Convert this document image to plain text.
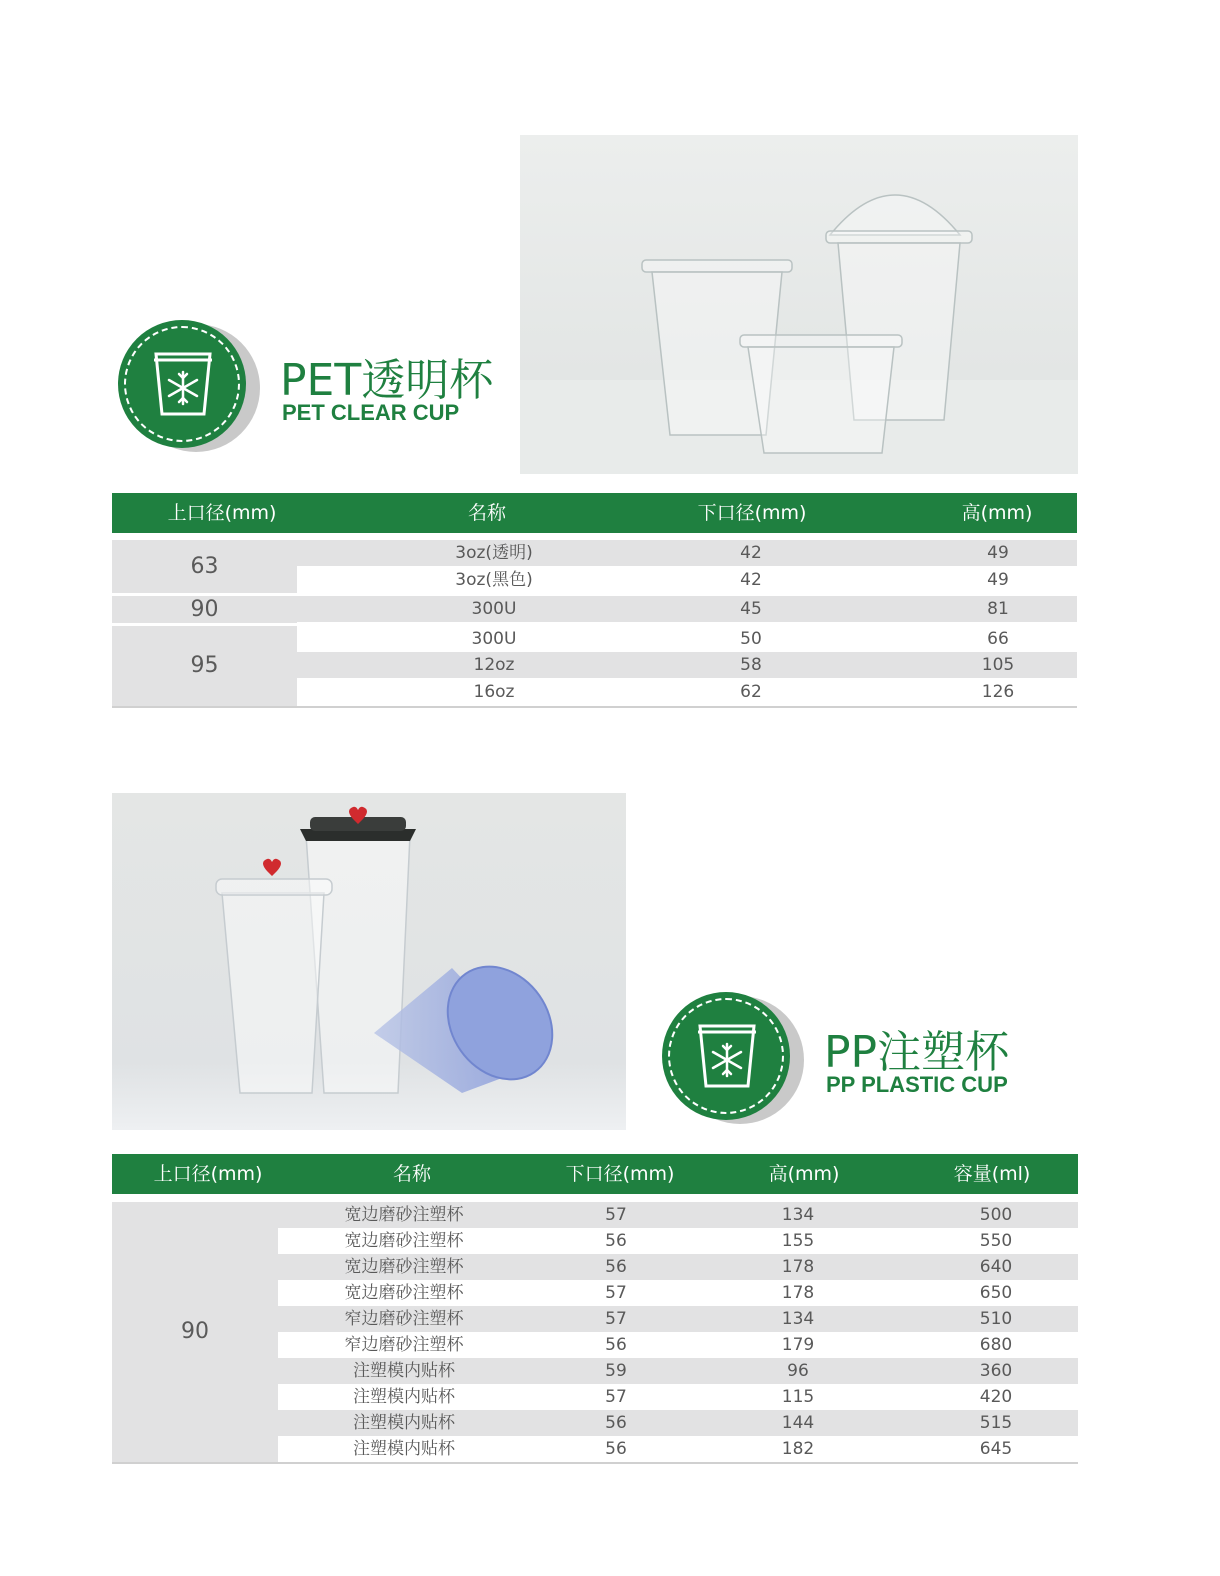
PET透明杯
PET CLEAR CUP
上口径(mm)	名称	下口径(mm)	高(mm)
63
3oz(透明)	42	49
3oz(黑色)	42	49
90	300U	45	81
95
300U	50	66
12oz	58	105
16oz	62	126
PP注塑杯
PP PLASTIC CUP
上口径(mm)	名称	下口径(mm)	高(mm)	容量(ml)
90
宽边磨砂注塑杯	57	134	500
宽边磨砂注塑杯	56	155	550
宽边磨砂注塑杯	56	178	640
宽边磨砂注塑杯	57	178	650
窄边磨砂注塑杯	57	134	510
窄边磨砂注塑杯	56	179	680
注塑模内贴杯	59	96	360
注塑模内贴杯	57	115	420
注塑模内贴杯	56	144	515
注塑模内贴杯	56	182	645
